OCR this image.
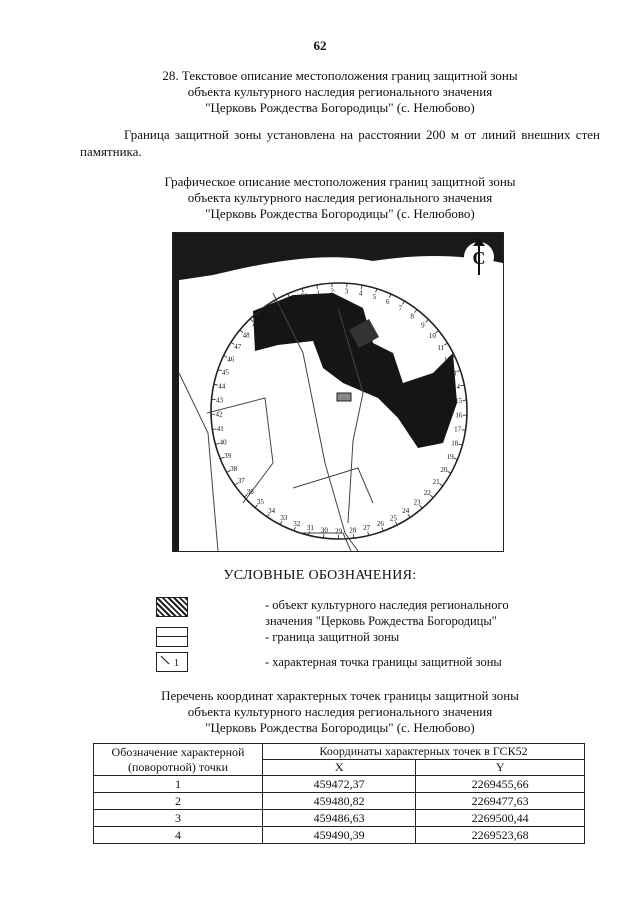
62
28. Текстовое описание местоположения границ защитной зоны
объекта культурного наследия регионального значения
"Церковь Рождества Богородицы" (с. Нелюбово)
Граница защитной зоны установлена на расстоянии 200 м от линий внешних стен памятника.
Графическое описание местоположения границ защитной зоны
объекта культурного наследия регионального значения
"Церковь Рождества Богородицы" (с. Нелюбово)
С
1 2 3 4 5
6
7
8
9
10
11
12
13
14
15
16
17
18
19
20
21
22
23
24
25
26
27
28
29
30
31
32
33
34
35
36
37
38
39
40
41
42
43
44
45
46
47
48
49
50
51
52
53
УСЛОВНЫЕ ОБОЗНАЧЕНИЯ:
- объект культурного наследия регионального
значения "Церковь Рождества Богородицы"
- граница защитной зоны
1	- характерная точка границы защитной зоны
Перечень координат характерных точек границы защитной зоны
объекта культурного наследия регионального значения
"Церковь Рождества Богородицы" (с. Нелюбово)
Обозначение характерной
(поворотной) точки	Координаты характерных точек в ГСК52	
	X	Y
1	459472,37	2269455,66
2	459480,82	2269477,63
3	459486,63	2269500,44
4	459490,39	2269523,68
